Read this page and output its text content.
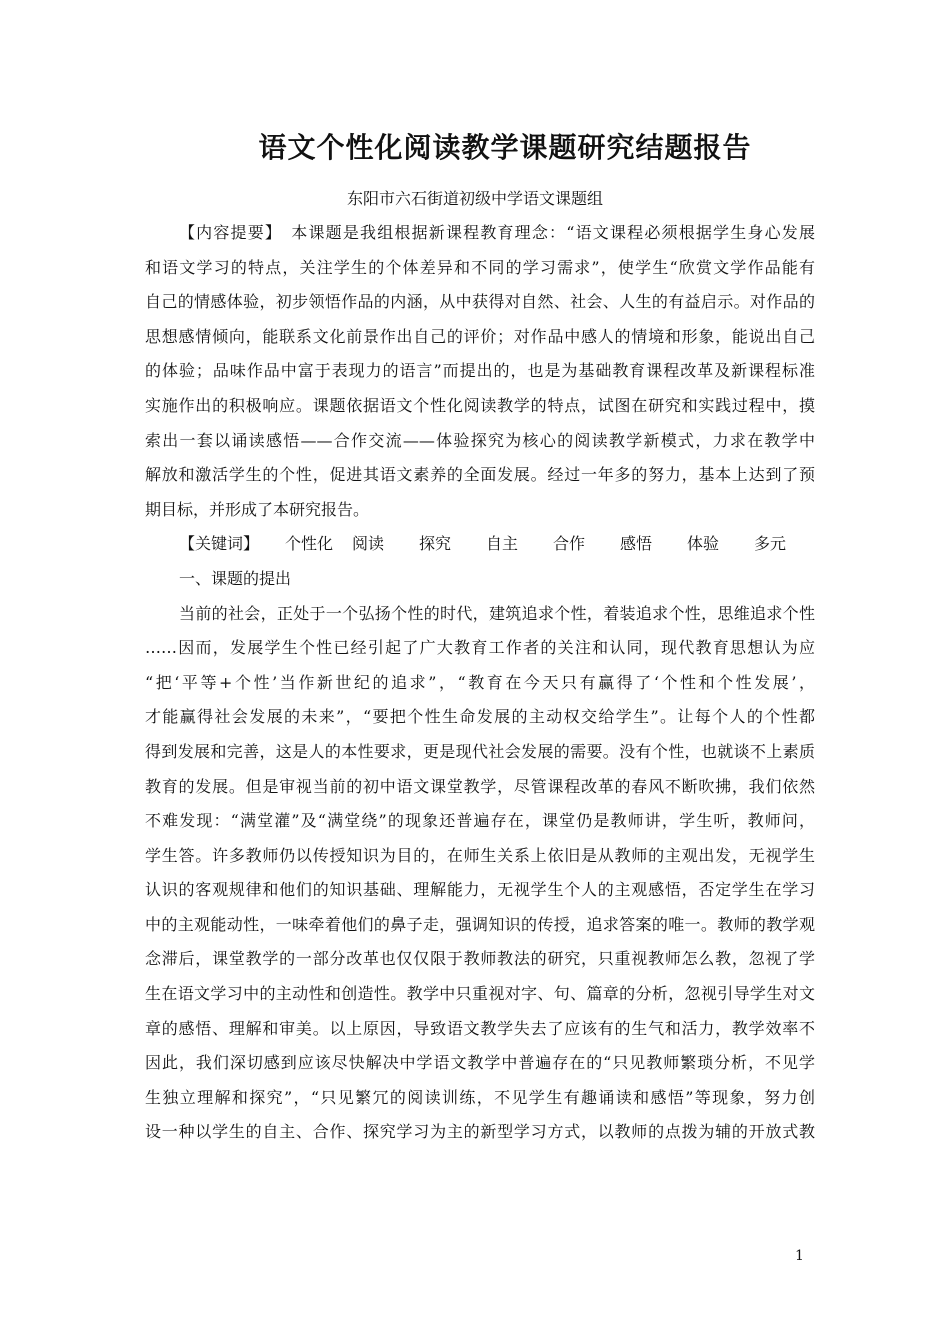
语文个性化阅读教学课题研究结题报告
东阳市六石街道初级中学语文课题组
【内容提要】　 本课题是我组根据新课程教育理念：“语文课程必须根据学生身心发展
和语文学习的特点，关注学生的个体差异和不同的学习需求”，使学生“欣赏文学作品能有
自己的情感体验，初步领悟作品的内涵，从中获得对自然、社会、人生的有益启示。对作品的
思想感情倾向，能联系文化前景作出自己的评价；对作品中感人的情境和形象，能说出自己
的体验；品味作品中富于表现力的语言”而提出的，也是为基础教育课程改革及新课程标准
实施作出的积极响应。课题依据语文个性化阅读教学的特点，试图在研究和实践过程中，摸
索出一套以诵读感悟——合作交流——体验探究为核心的阅读教学新模式，力求在教学中
解放和激活学生的个性，促进其语文素养的全面发展。经过一年多的努力，基本上达到了预
期目标，并形成了本研究报告。
【关键词】 个性化 阅读 探究 自主 合作 感悟 体验 多元
一、课题的提出
当前的社会，正处于一个弘扬个性的时代，建筑追求个性，着装追求个性，思维追求个性
……因而，发展学生个性已经引起了广大教育工作者的关注和认同，现代教育思想认为应
“把‘平等+个性’当作新世纪的追求”，“教育在今天只有赢得了‘个性和个性发展’，
才能赢得社会发展的未来”，“要把个性生命发展的主动权交给学生”。让每个人的个性都
得到发展和完善，这是人的本性要求，更是现代社会发展的需要。没有个性，也就谈不上素质
教育的发展。但是审视当前的初中语文课堂教学，尽管课程改革的春风不断吹拂，我们依然
不难发现：“满堂灌”及“满堂绕”的现象还普遍存在，课堂仍是教师讲，学生听，教师问，
学生答。许多教师仍以传授知识为目的，在师生关系上依旧是从教师的主观出发，无视学生
认识的客观规律和他们的知识基础、理解能力，无视学生个人的主观感悟，否定学生在学习
中的主观能动性，一味牵着他们的鼻子走，强调知识的传授，追求答案的唯一。教师的教学观
念滞后，课堂教学的一部分改革也仅仅限于教师教法的研究，只重视教师怎么教，忽视了学
生在语文学习中的主动性和创造性。教学中只重视对字、句、篇章的分析，忽视引导学生对文
章的感悟、理解和审美。以上原因，导致语文教学失去了应该有的生气和活力，教学效率不
因此，我们深切感到应该尽快解决中学语文教学中普遍存在的“只见教师繁琐分析，不见学
生独立理解和探究”，“只见繁冗的阅读训练，不见学生有趣诵读和感悟”等现象，努力创
设一种以学生的自主、合作、探究学习为主的新型学习方式，以教师的点拨为辅的开放式教
1
